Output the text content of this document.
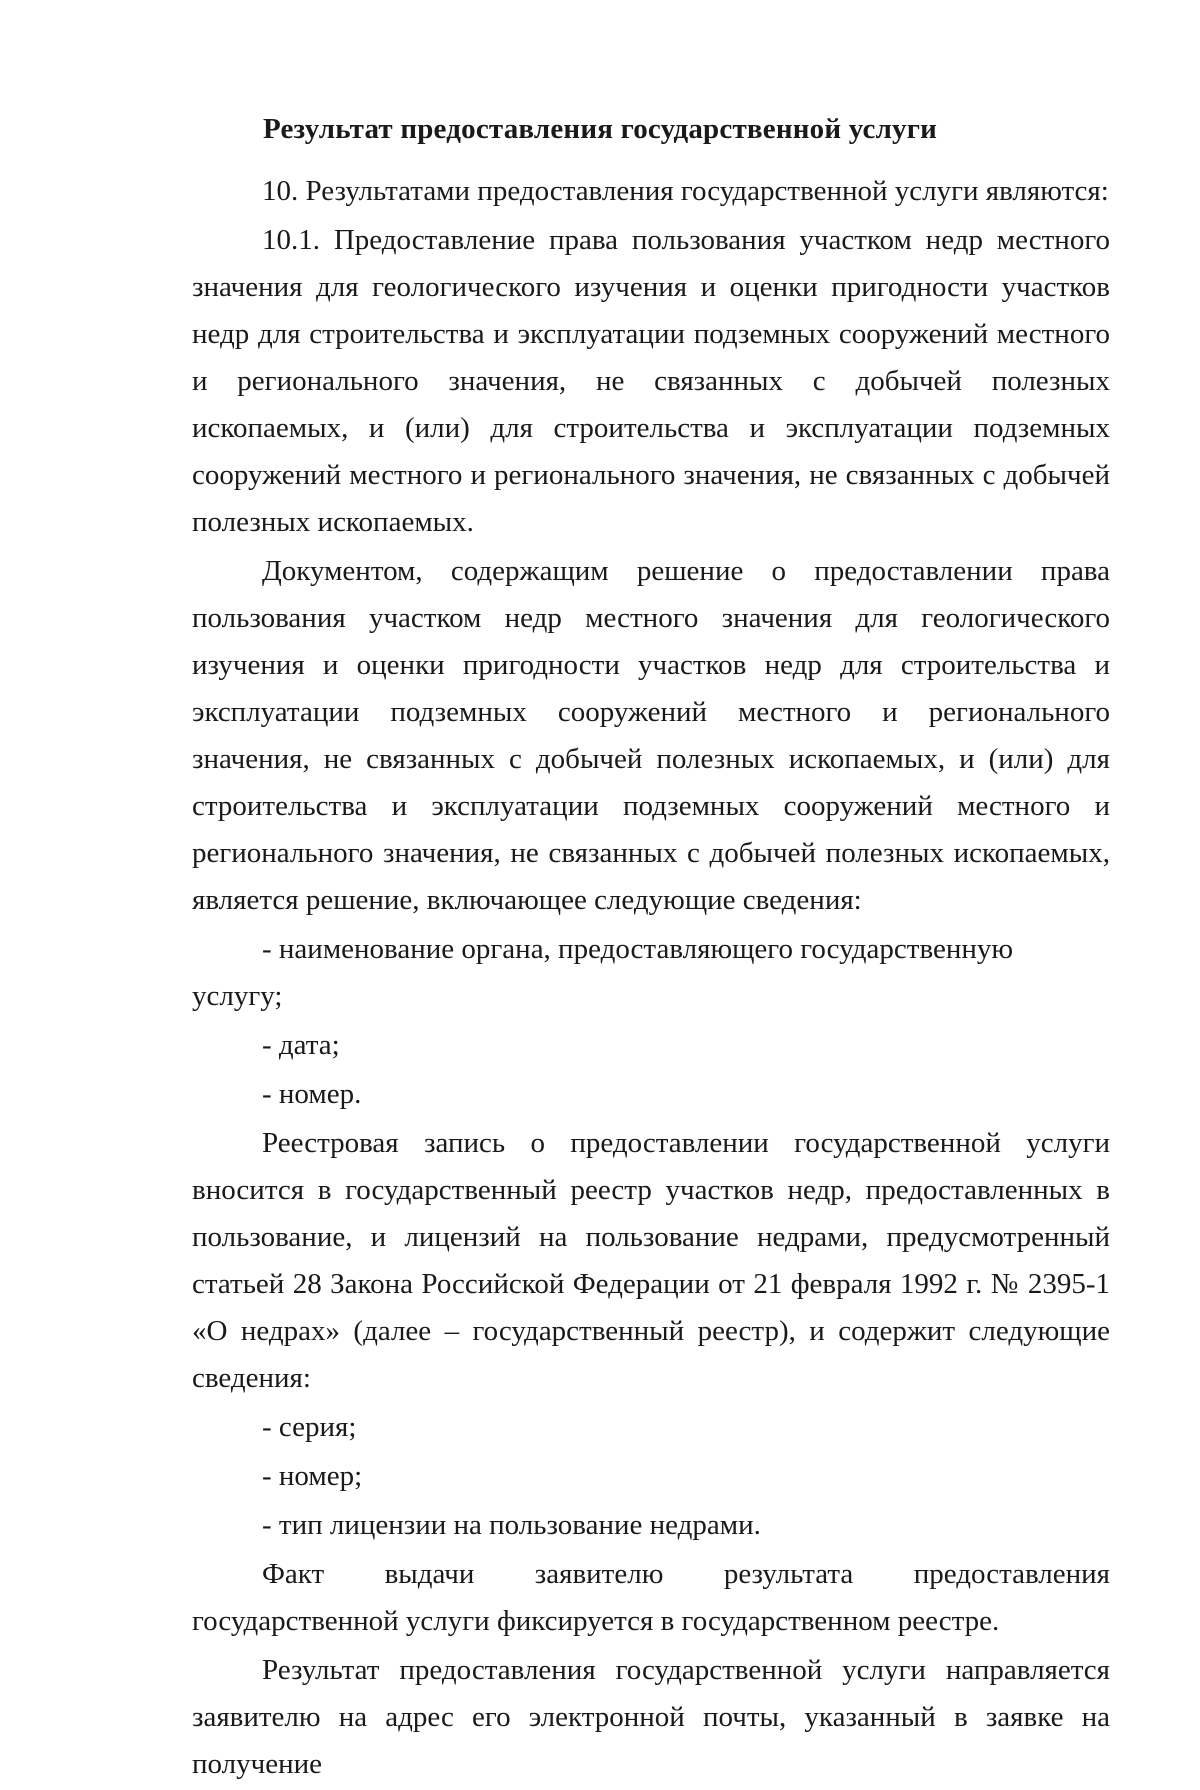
Результат предоставления государственной услуги

10. Результатами предоставления государственной услуги являются:

10.1. Предоставление права пользования участком недр местного значения для геологического изучения и оценки пригодности участков недр для строительства и эксплуатации подземных сооружений местного и регионального значения, не связанных с добычей полезных ископаемых, и (или) для строительства и эксплуатации подземных сооружений местного и регионального значения, не связанных с добычей полезных ископаемых.

Документом, содержащим решение о предоставлении права пользования участком недр местного значения для геологического изучения и оценки пригодности участков недр для строительства и эксплуатации подземных сооружений местного и регионального значения, не связанных с добычей полезных ископаемых, и (или) для строительства и эксплуатации подземных сооружений местного и регионального значения, не связанных с добычей полезных ископаемых, является решение, включающее следующие сведения:

- наименование органа, предоставляющего государственную услугу;

- дата;

- номер.

Реестровая запись о предоставлении государственной услуги вносится в государственный реестр участков недр, предоставленных в пользование, и лицензий на пользование недрами, предусмотренный статьей 28 Закона Российской Федерации от 21 февраля 1992 г. № 2395-1 «О недрах» (далее – государственный реестр), и содержит следующие сведения:

- серия;

- номер;

- тип лицензии на пользование недрами.

Факт выдачи заявителю результата предоставления государственной услуги фиксируется в государственном реестре.

Результат предоставления государственной услуги направляется заявителю на адрес его электронной почты, указанный в заявке на получение
